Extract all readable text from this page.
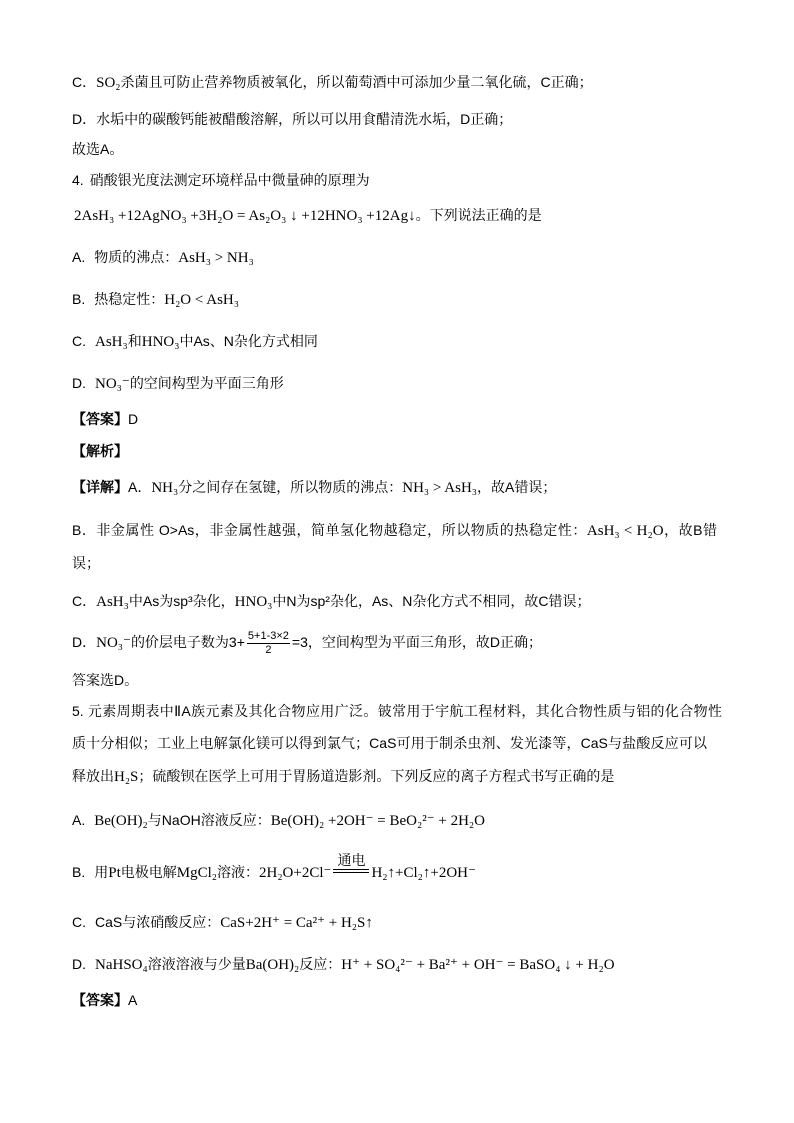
C．SO₂杀菌且可防止营养物质被氧化，所以葡萄酒中可添加少量二氧化硫，C正确；
D．水垢中的碳酸钙能被醋酸溶解，所以可以用食醋清洗水垢，D正确；
故选A。
4. 硝酸银光度法测定环境样品中微量砷的原理为
2AsH₃ +12AgNO₃ +3H₂O = As₂O₃ ↓ +12HNO₃ +12Ag↓。下列说法正确的是
A. 物质的沸点：AsH₃ > NH₃
B. 热稳定性：H₂O < AsH₃
C. AsH₃和HNO₃中As、N杂化方式相同
D. NO₃⁻的空间构型为平面三角形
【答案】D
【解析】
【详解】A．NH₃分之间存在氢键，所以物质的沸点：NH₃ > AsH₃，故A错误；
B．非金属性 O>As，非金属性越强，简单氢化物越稳定，所以物质的热稳定性：AsH₃ < H₂O，故B错
误；
C．AsH₃中As为sp³杂化，HNO₃中N为sp²杂化，As、N杂化方式不相同，故C错误；
D．NO₃⁻的价层电子数为$3+ \frac{5+1-3\times 2}{2} =3$，空间构型为平面三角形，故D正确；
答案选D。
5. 元素周期表中ⅡA族元素及其化合物应用广泛。铍常用于宇航工程材料，其化合物性质与铝的化合物性
质十分相似；工业上电解氯化镁可以得到氯气；CaS可用于制杀虫剂、发光漆等，CaS与盐酸反应可以
释放出H₂S；硫酸钡在医学上可用于胃肠道造影剂。下列反应的离子方程式书写正确的是
A. Be(OH)₂与NaOH溶液反应：Be(OH)₂ +2OH⁻ = BeO₂²⁻ + 2H₂O
B. 用Pt电极电解MgCl₂溶液：2H₂O+2Cl⁻
通电
H₂↑+Cl₂↑+2OH⁻
C. CaS与浓硝酸反应：CaS+2H⁺ = Ca²⁺ + H₂S↑
D. NaHSO₄溶液溶液与少量Ba(OH)₂反应：H⁺ + SO₄²⁻ + Ba²⁺ + OH⁻ = BaSO₄ ↓ + H₂O
【答案】A
